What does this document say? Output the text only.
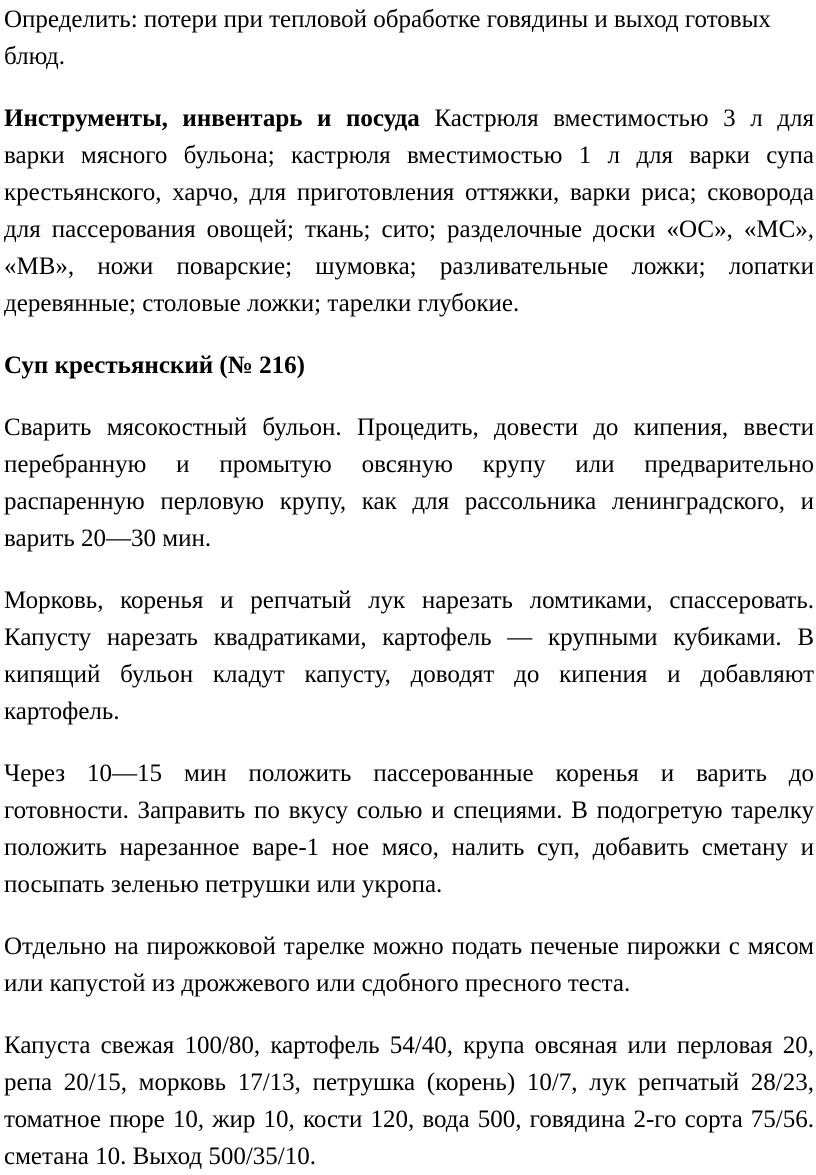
Определить: потери при тепловой обработке говядины и выход готовых блюд.

Инструменты, инвентарь и посуда Кастрюля вместимостью 3 л для варки мясного бульона; кастрюля вместимостью 1 л для варки супа крестьянского, харчо, для приготовления оттяжки, варки риса; сковорода для пассерования овощей; ткань; сито; разделочные доски «ОС», «МС», «МВ», ножи поварские; шумовка; разливательные ложки; лопатки деревянные; столовые ложки; тарелки глубокие.

Суп крестьянский (№ 216)

Сварить мясокостный бульон. Процедить, довести до кипения, ввести перебранную и промытую овсяную крупу или предварительно распаренную перловую крупу, как для рассольника ленинградского, и варить 20—30 мин.

Морковь, коренья и репчатый лук нарезать ломтиками, спассеровать. Капусту нарезать квадратиками, картофель — крупными кубиками. В кипящий бульон кладут капусту, доводят до кипения и добавляют картофель.

Через 10—15 мин положить пассерованные коренья и варить до готовности. Заправить по вкусу солью и специями. В подогретую тарелку положить нарезанное варе-1 ное мясо, налить суп, добавить сметану и посыпать зеленью петрушки или укропа.

Отдельно на пирожковой тарелке можно подать печеные пирожки с мясом или капустой из дрожжевого или сдобного пресного теста.

Капуста свежая 100/80, картофель 54/40, крупа овсяная или перловая 20, репа 20/15, морковь 17/13, петрушка (корень) 10/7, лук репчатый 28/23, томатное пюре 10, жир 10, кости 120, вода 500, говядина 2-го сорта 75/56. сметана 10. Выход 500/35/10.
